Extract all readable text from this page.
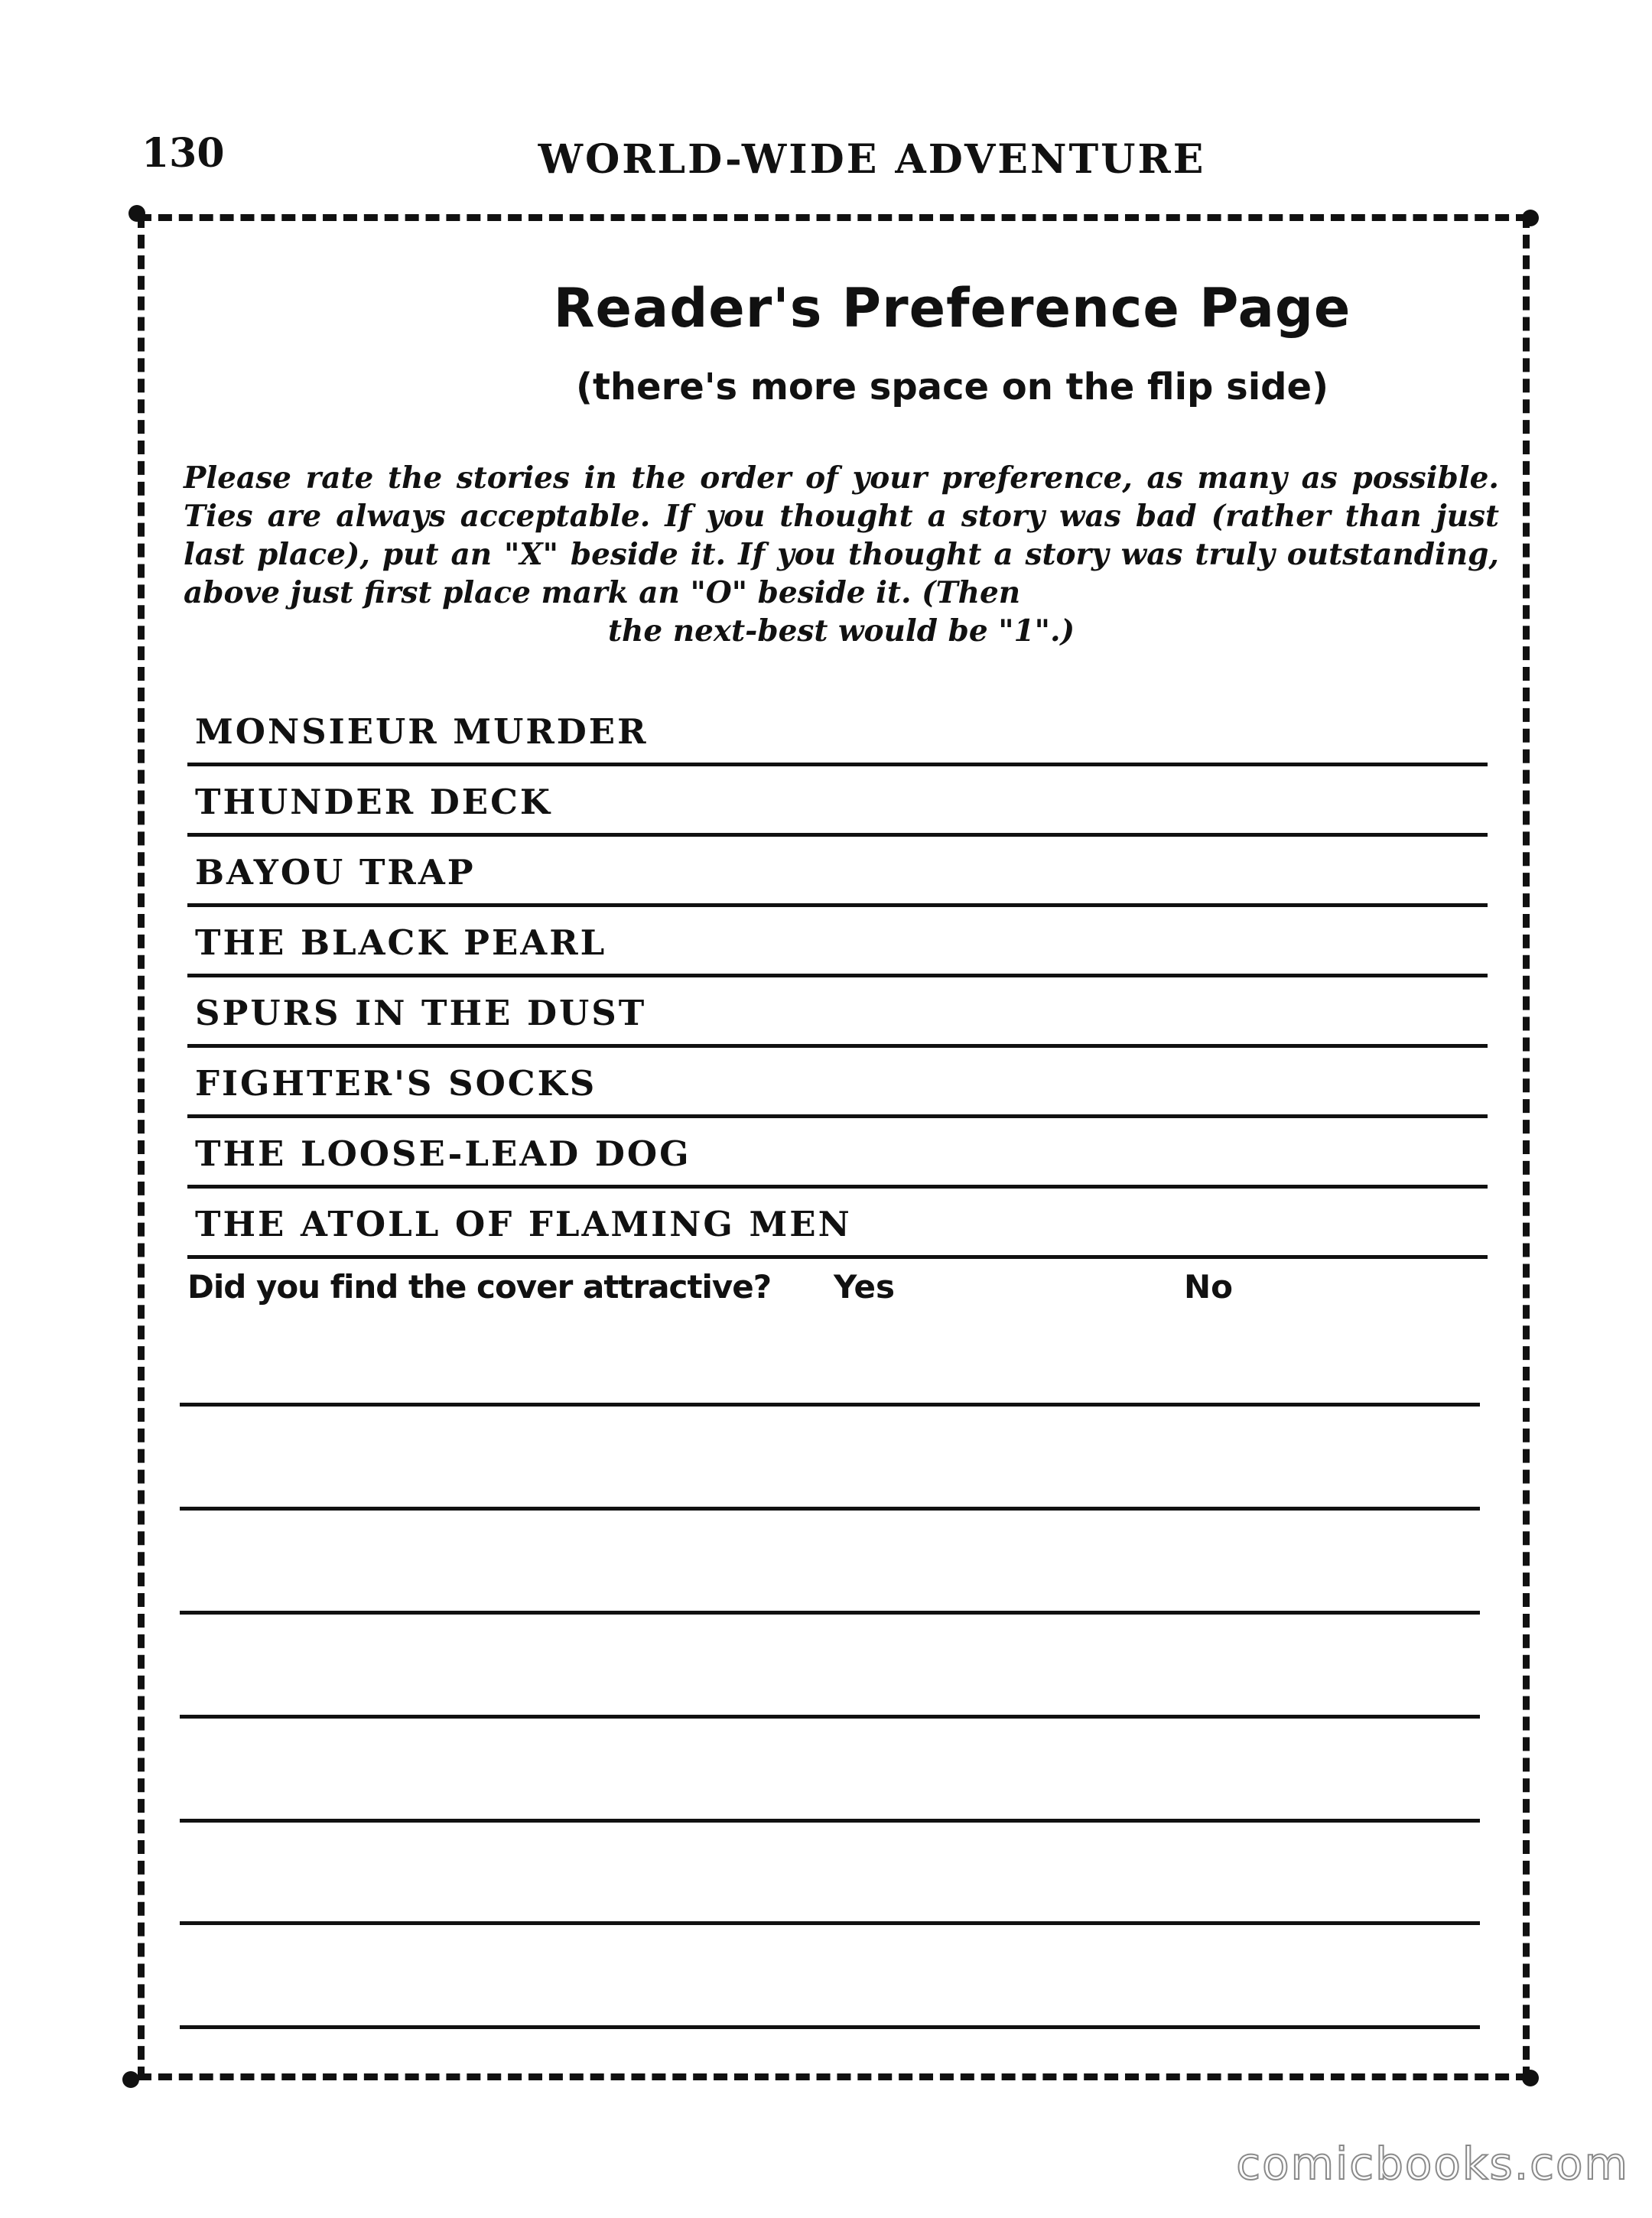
130	WORLD-WIDE ADVENTURE
Reader's Preference Page
(there's more space on the flip side)
Please rate the stories in the order of your preference, as many as possible. Ties are always acceptable. If you thought a story was bad (rather than just last place), put an "X" beside it. If you thought a story was truly outstanding, above just first place mark an "O" beside it. (Then
the next-best would be "1".)
MONSIEUR MURDER
THUNDER DECK
BAYOU TRAP
THE BLACK PEARL
SPURS IN THE DUST
FIGHTER'S SOCKS
THE LOOSE-LEAD DOG
THE ATOLL OF FLAMING MEN
Did you find the cover attractive? Yes	No
comicbooks.com
